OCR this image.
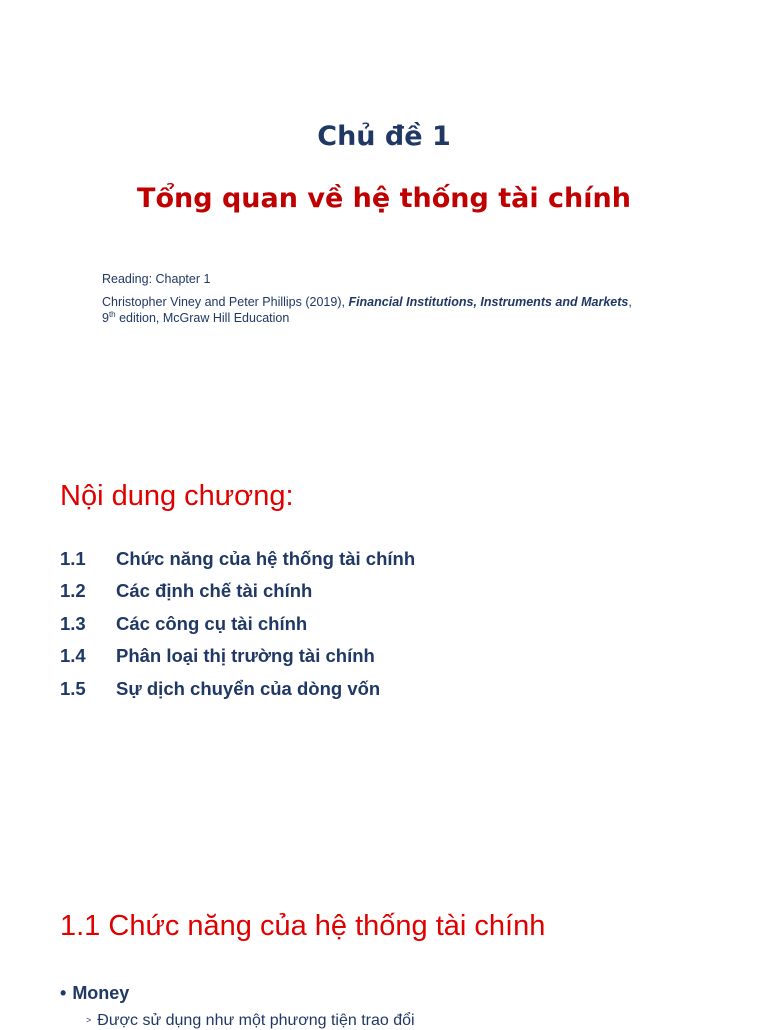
Chủ đề 1
Tổng quan về hệ thống tài chính
Reading: Chapter 1
Christopher Viney and Peter Phillips (2019), Financial Institutions, Instruments and Markets,
9th edition, McGraw Hill Education
Nội dung chương:
1.1 Chức năng của hệ thống tài chính
1.2 Các định chế tài chính
1.3 Các công cụ tài chính
1.4 Phân loại thị trường tài chính
1.5 Sự dịch chuyển của dòng vốn
1.1 Chức năng của hệ thống tài chính
• Money
> Được sử dụng như một phương tiện trao đổi
